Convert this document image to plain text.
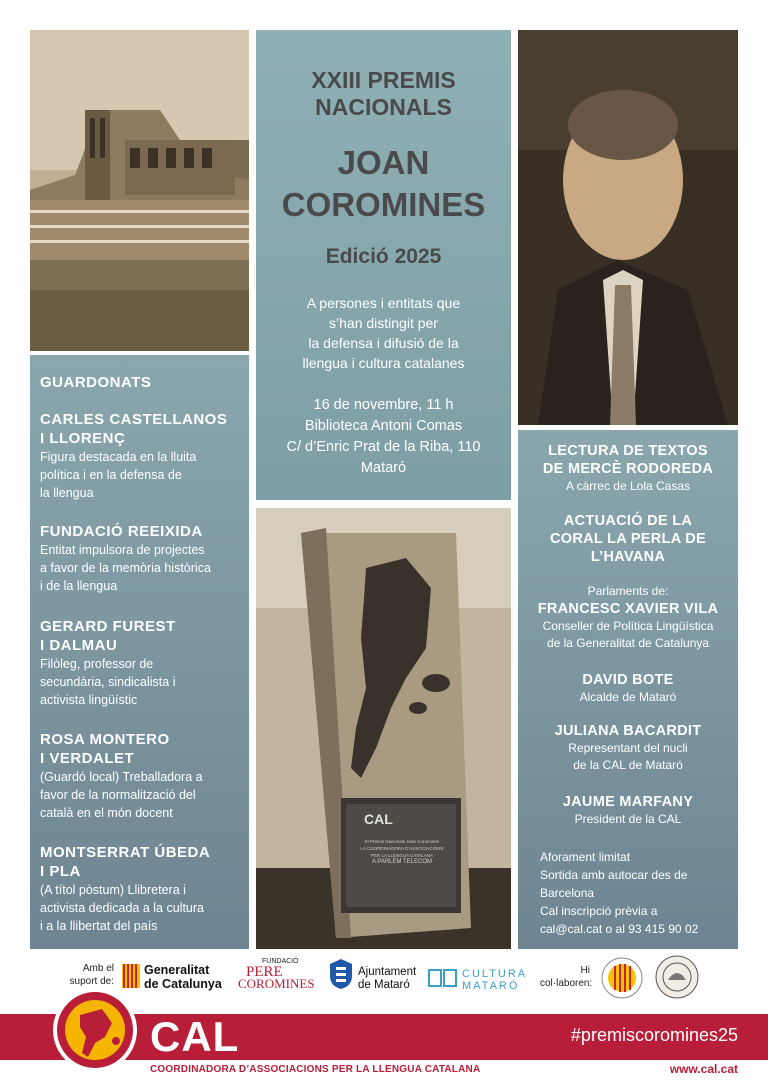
CAL
III Premis Nacionals Joan Coromines
LA COORDINADORA D'ASSOCIACIONS
PER LA LLENGUA CATALANA
A PARLEM TELECOM
XXIII PREMIS
NACIONALS
JOAN
COROMINES
Edició 2025
A persones i entitats que
s’han distingit per
la defensa i difusió de la
llengua i cultura catalanes
16 de novembre, 11 h
Biblioteca Antoni Comas
C/ d’Enric Prat de la Riba, 110
Mataró
GUARDONATS
CARLES CASTELLANOS
I LLORENÇ
Figura destacada en la lluita
política i en la defensa de
la llengua
FUNDACIÓ REEIXIDA
Entitat impulsora de projectes
a favor de la memòria històrica
i de la llengua
GERARD FUREST
I DALMAU
Filòleg, professor de
secundària, sindicalista i
activista lingüístic
ROSA MONTERO
I VERDALET
(Guardó local) Treballadora a
favor de la normalització del
català en el món docent
MONTSERRAT ÚBEDA
I PLA
(A títol pòstum) Llibretera i
activista dedicada a la cultura
i a la llibertat del país
LECTURA DE TEXTOS
DE MERCÈ RODOREDA
A càrrec de Lola Casas
ACTUACIÓ DE LA
CORAL LA PERLA DE
L’HAVANA
Parlaments de:
FRANCESC XAVIER VILA
Conseller de Política Lingüística
de la Generalitat de Catalunya
DAVID BOTE
Alcalde de Mataró
JULIANA BACARDIT
Representant del nucli
de la CAL de Mataró
JAUME MARFANY
President de la CAL
Aforament limitat
Sortida amb autocar des de
Barcelona
Cal inscripció prèvia a
cal@cal.cat o al 93 415 90 02
Amb el
suport de:
Generalitat
de Catalunya
FUNDACIÓ
PERE
COROMINES
Ajuntament
de Mataró
CULTURA
MATARÓ
Hi
col·laboren:
CAL	#premiscoromines25
COORDINADORA D’ASSOCIACIONS PER LA LLENGUA CATALANA	www.cal.cat
